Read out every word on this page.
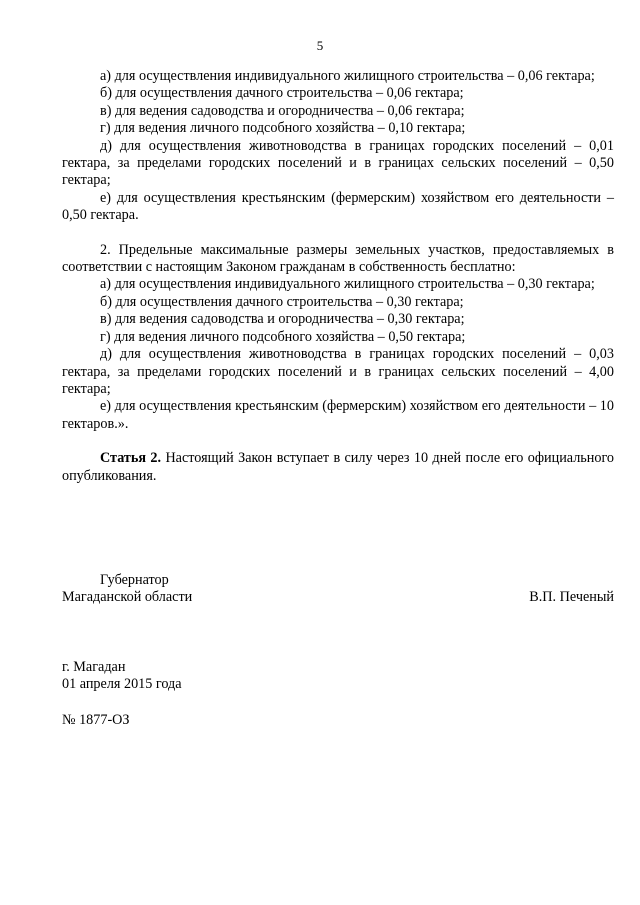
5

а) для осуществления индивидуального жилищного строительства – 0,06 гектара;

б) для осуществления дачного строительства – 0,06 гектара;

в) для ведения садоводства и огородничества – 0,06 гектара;

г) для ведения личного подсобного хозяйства – 0,10 гектара;

д) для осуществления животноводства в границах городских поселений – 0,01 гектара, за пределами городских поселений и в границах сельских поселений – 0,50 гектара;

е) для осуществления крестьянским (фермерским) хозяйством его деятельности – 0,50 гектара.

2. Предельные максимальные размеры земельных участков, предоставляемых в соответствии с настоящим Законом гражданам в собственность бесплатно:

а) для осуществления индивидуального жилищного строительства – 0,30 гектара;

б) для осуществления дачного строительства – 0,30 гектара;

в) для ведения садоводства и огородничества – 0,30 гектара;

г) для ведения личного подсобного хозяйства – 0,50 гектара;

д) для осуществления животноводства в границах городских поселений – 0,03 гектара, за пределами городских поселений и в границах сельских поселений – 4,00 гектара;

е) для осуществления крестьянским (фермерским) хозяйством его деятельности – 10 гектаров.».

Статья 2. Настоящий Закон вступает в силу через 10 дней после его официального опубликования.

Губернатор
Магаданской области	В.П. Печеный
г. Магадан
01 апреля 2015 года
№ 1877-ОЗ
